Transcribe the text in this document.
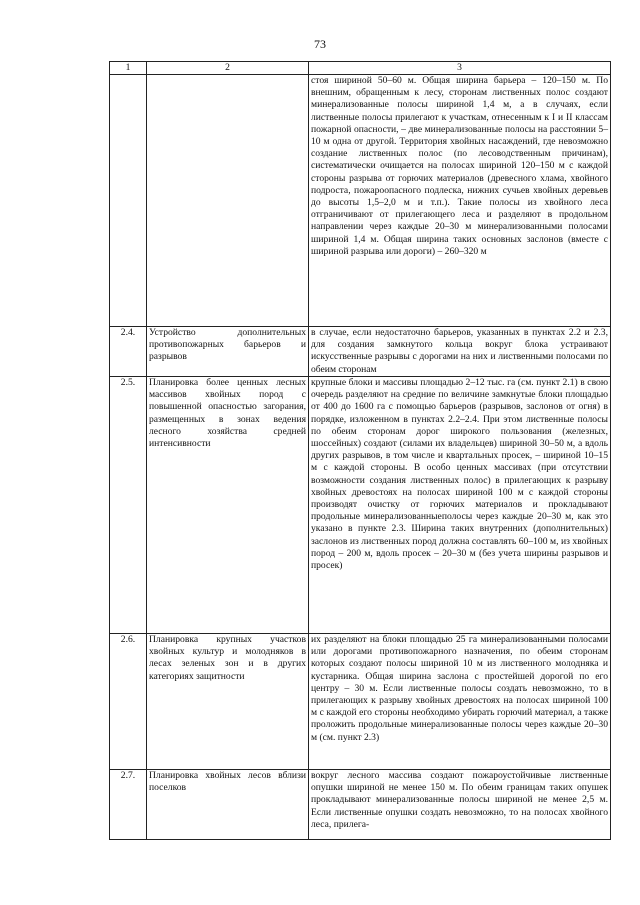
73
1	2	3
		стоя шириной 50–60 м. Общая ширина барьера – 120–150 м. По внешним, обращенным к лесу, сторонам лиственных полос создают минерализованные полосы шириной 1,4 м, а в случаях, если лиственные полосы прилегают к участкам, отнесенным к I и II классам пожарной опасности, – две минерализованные полосы на расстоянии 5–10 м одна от другой. Территория хвойных насаждений, где невозможно создание лиственных полос (по лесоводственным причинам), систематически очищается на полосах шириной 120–150 м с каждой стороны разрыва от горючих материалов (древесного хлама, хвойного подроста, пожароопасного подлеска, нижних сучьев хвойных деревьев до высоты 1,5–2,0 м и т.п.). Такие полосы из хвойного леса отграничивают от прилегающего леса и разделяют в продольном направлении через каждые 20–30 м минерализованными полосами шириной 1,4 м. Общая ширина таких основных заслонов (вместе с шириной разрыва или дороги) – 260–320 м
2.4.	Устройство дополнительных противопожарных барьеров и разрывов	в случае, если недостаточно барьеров, указанных в пунктах 2.2 и 2.3, для создания замкнутого кольца вокруг блока устраивают искусственные разрывы с дорогами на них и лиственными полосами по обеим сторонам
2.5.	Планировка более ценных лесных массивов хвойных пород с повышенной опасностью загорания, размещенных в зонах ведения лесного хозяйства средней интенсивности	крупные блоки и массивы площадью 2–12 тыс. га (см. пункт 2.1) в свою очередь разделяют на средние по величине замкнутые блоки площадью от 400 до 1600 га с помощью барьеров (разрывов, заслонов от огня) в порядке, изложенном в пунктах 2.2–2.4. При этом лиственные полосы по обеим сторонам дорог широкого пользования (железных, шоссейных) создают (силами их владельцев) шириной 30–50 м, а вдоль других разрывов, в том числе и квартальных просек, – шириной 10–15 м с каждой стороны. В особо ценных массивах (при отсутствии возможности создания лиственных полос) в прилегающих к разрыву хвойных древостоях на полосах шириной 100 м с каждой стороны производят очистку от горючих материалов и прокладывают продольные минерализованныеполосы через каждые 20–30 м, как это указано в пункте 2.3. Ширина таких внутренних (дополнительных) заслонов из лиственных пород должна составлять 60–100 м, из хвойных пород – 200 м, вдоль просек – 20–30 м (без учета ширины разрывов и просек)
2.6.	Планировка крупных участков хвойных культур и молодняков в лесах зеленых зон и в других категориях защитности	их разделяют на блоки площадью 25 га минерализованными полосами или дорогами противопожарного назначения, по обеим сторонам которых создают полосы шириной 10 м из лиственного молодняка и кустарника. Общая ширина заслона с простейшей дорогой по его центру – 30 м. Если лиственные полосы создать невозможно, то в прилегающих к разрыву хвойных древостоях на полосах шириной 100 м с каждой его стороны необходимо убирать горючий материал, а также проложить продольные минерализованные полосы через каждые 20–30 м (см. пункт 2.3)
2.7.	Планировка хвойных лесов вблизи поселков	вокруг лесного массива создают пожароустойчивые лиственные опушки шириной не менее 150 м. По обеим границам таких опушек прокладывают минерализованные полосы шириной не менее 2,5 м. Если лиственные опушки создать невозможно, то на полосах хвойного леса, прилега-
